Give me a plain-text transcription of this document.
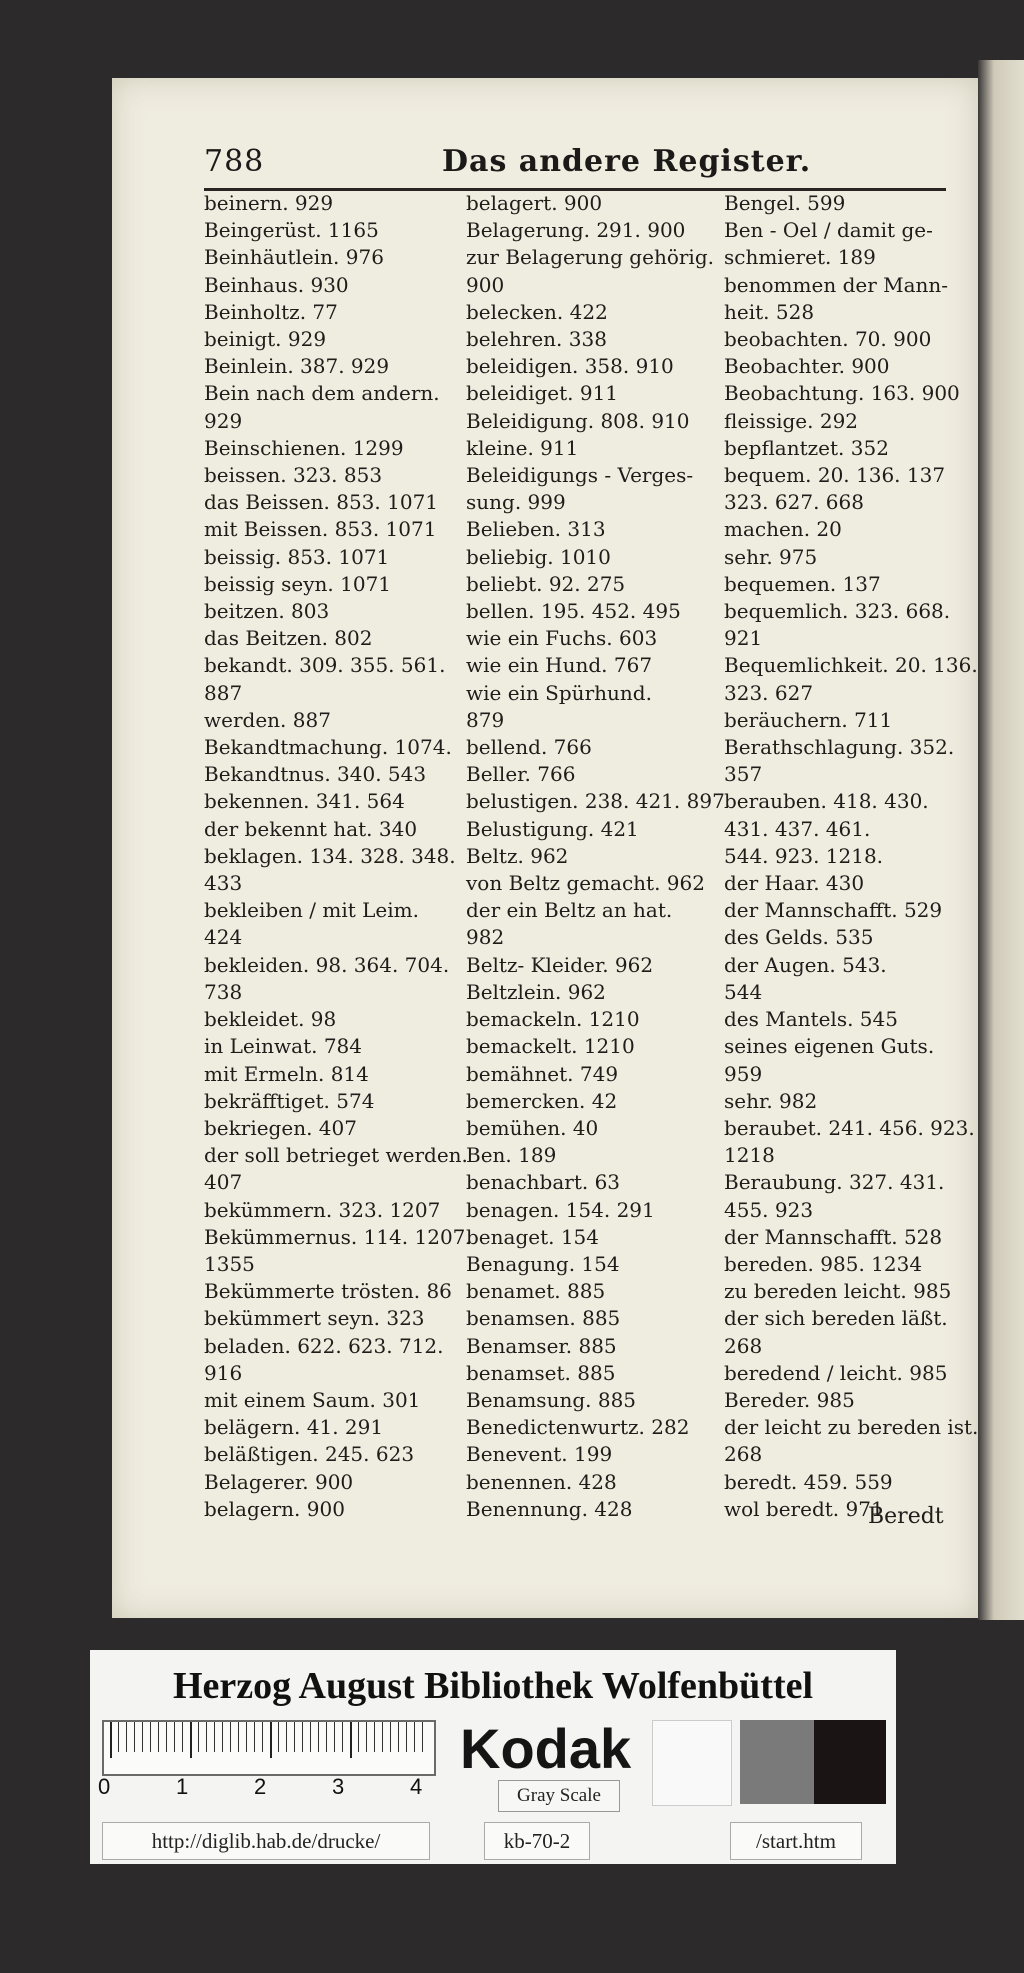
788	Das andere Register.
beinern. 929
Beingerüst. 1165
Beinhäutlein. 976
Beinhaus. 930
Beinholtz. 77
beinigt. 929
Beinlein. 387. 929
Bein nach dem andern.
929
Beinschienen. 1299
beissen. 323. 853
das Beissen. 853. 1071
mit Beissen. 853. 1071
beissig. 853. 1071
beissig seyn. 1071
beitzen. 803
das Beitzen. 802
bekandt. 309. 355. 561.
887
werden. 887
Bekandtmachung. 1074.
Bekandtnus. 340. 543
bekennen. 341. 564
der bekennt hat. 340
beklagen. 134. 328. 348.
433
bekleiben / mit Leim.
424
bekleiden. 98. 364. 704.
738
bekleidet. 98
in Leinwat. 784
mit Ermeln. 814
bekräfftiget. 574
bekriegen. 407
der soll betrieget werden.
407
bekümmern. 323. 1207
Bekümmernus. 114. 1207.
1355
Bekümmerte trösten. 86
bekümmert seyn. 323
beladen. 622. 623. 712.
916
mit einem Saum. 301
belägern. 41. 291
beläßtigen. 245. 623
Belagerer. 900
belagern. 900
belagert. 900
Belagerung. 291. 900
zur Belagerung gehörig.
900
belecken. 422
belehren. 338
beleidigen. 358. 910
beleidiget. 911
Beleidigung. 808. 910
kleine. 911
Beleidigungs - Verges-
sung. 999
Belieben. 313
beliebig. 1010
beliebt. 92. 275
bellen. 195. 452. 495
wie ein Fuchs. 603
wie ein Hund. 767
wie ein Spürhund.
879
bellend. 766
Beller. 766
belustigen. 238. 421. 897
Belustigung. 421
Beltz. 962
von Beltz gemacht. 962
der ein Beltz an hat.
982
Beltz- Kleider. 962
Beltzlein. 962
bemackeln. 1210
bemackelt. 1210
bemähnet. 749
bemercken. 42
bemühen. 40
Ben. 189
benachbart. 63
benagen. 154. 291
benaget. 154
Benagung. 154
benamet. 885
benamsen. 885
Benamser. 885
benamset. 885
Benamsung. 885
Benedictenwurtz. 282
Benevent. 199
benennen. 428
Benennung. 428
Bengel. 599
Ben - Oel / damit ge-
schmieret. 189
benommen der Mann-
heit. 528
beobachten. 70. 900
Beobachter. 900
Beobachtung. 163. 900
fleissige. 292
bepflantzet. 352
bequem. 20. 136. 137
323. 627. 668
machen. 20
sehr. 975
bequemen. 137
bequemlich. 323. 668.
921
Bequemlichkeit. 20. 136.
323. 627
beräuchern. 711
Berathschlagung. 352.
357
berauben. 418. 430.
431. 437. 461.
544. 923. 1218.
der Haar. 430
der Mannschafft. 529
des Gelds. 535
der Augen. 543.
544
des Mantels. 545
seines eigenen Guts.
959
sehr. 982
beraubet. 241. 456. 923.
1218
Beraubung. 327. 431.
455. 923
der Mannschafft. 528
bereden. 985. 1234
zu bereden leicht. 985
der sich bereden läßt.
268
beredend / leicht. 985
Bereder. 985
der leicht zu bereden ist.
268
beredt. 459. 559
wol beredt. 971
Beredt
Herzog August Bibliothek Wolfenbüttel
0	1	2	3	4
Kodak
Gray Scale
http://diglib.hab.de/drucke/	kb-70-2	/start.htm
